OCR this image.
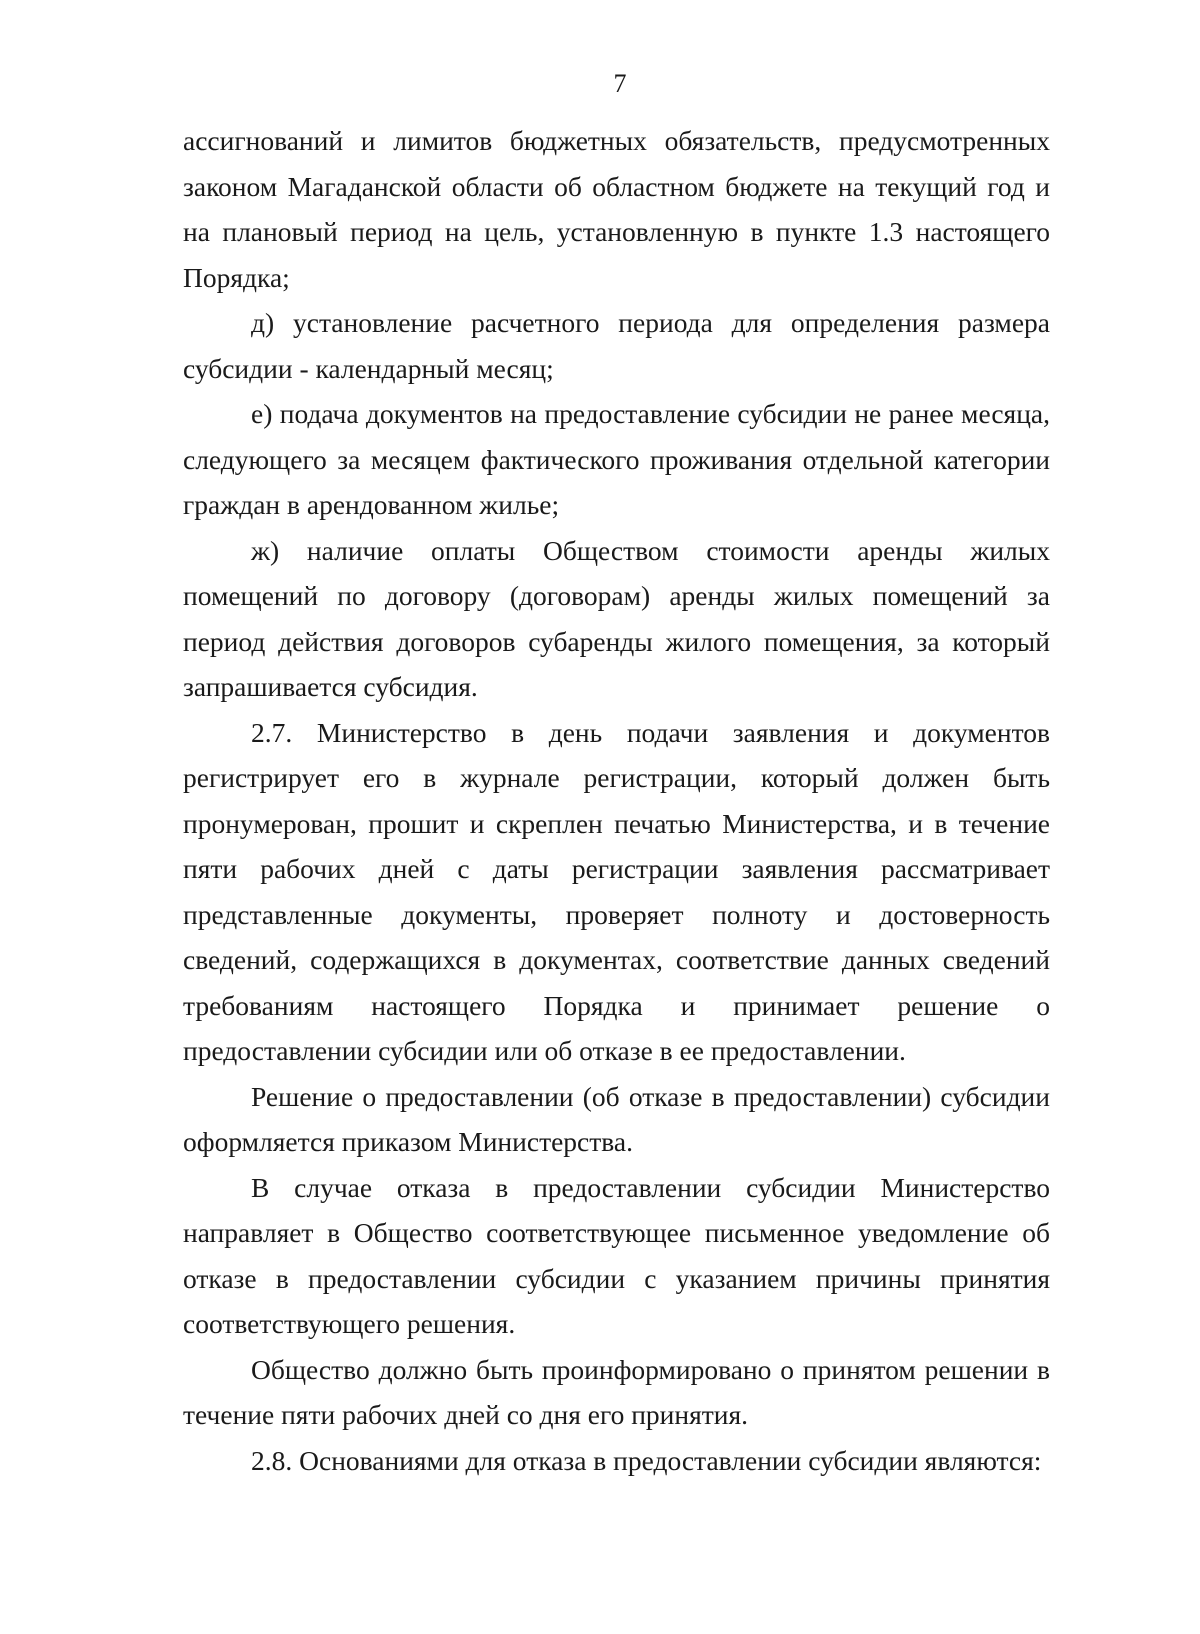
7

ассигнований и лимитов бюджетных обязательств, предусмотренных законом Магаданской области об областном бюджете на текущий год и на плановый период на цель, установленную в пункте 1.3 настоящего Порядка;

д) установление расчетного периода для определения размера субсидии - календарный месяц;

е) подача документов на предоставление субсидии не ранее месяца, следующего за месяцем фактического проживания отдельной категории граждан в арендованном жилье;

ж) наличие оплаты Обществом стоимости аренды жилых помещений по договору (договорам) аренды жилых помещений за период действия договоров субаренды жилого помещения, за который запрашивается субсидия.

2.7. Министерство в день подачи заявления и документов регистрирует его в журнале регистрации, который должен быть пронумерован, прошит и скреплен печатью Министерства, и в течение пяти рабочих дней с даты регистрации заявления рассматривает представленные документы, проверяет полноту и достоверность сведений, содержащихся в документах, соответствие данных сведений требованиям настоящего Порядка и принимает решение о предоставлении субсидии или об отказе в ее предоставлении.

Решение о предоставлении (об отказе в предоставлении) субсидии оформляется приказом Министерства.

В случае отказа в предоставлении субсидии Министерство направляет в Общество соответствующее письменное уведомление об отказе в предоставлении субсидии с указанием причины принятия соответствующего решения.

Общество должно быть проинформировано о принятом решении в течение пяти рабочих дней со дня его принятия.

2.8. Основаниями для отказа в предоставлении субсидии являются:
